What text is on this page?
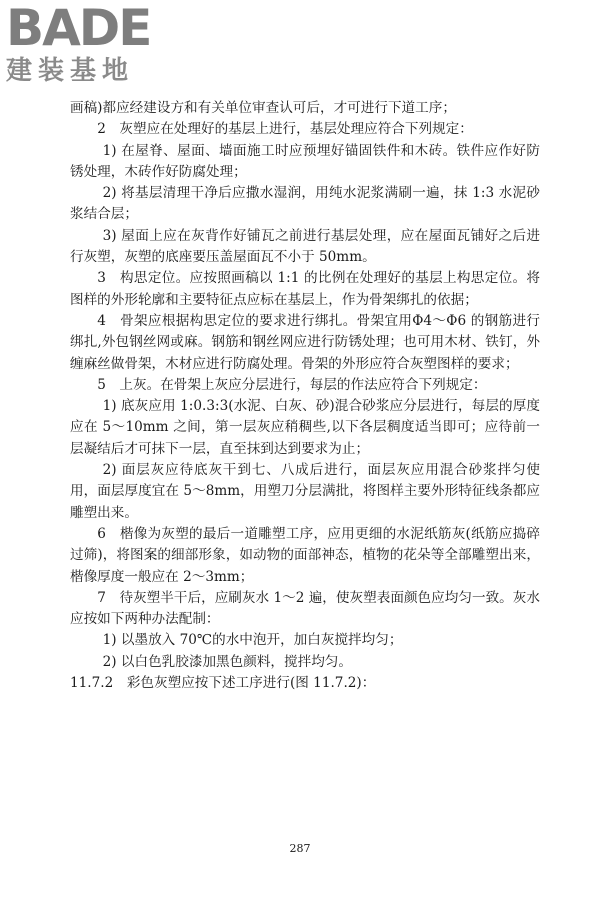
BADE
建装基地

画稿)都应经建设方和有关单位审查认可后，才可进行下道工序；

2　灰塑应在处理好的基层上进行，基层处理应符合下列规定：

1) 在屋脊、屋面、墙面施工时应预埋好锚固铁件和木砖。铁件应作好防锈处理，木砖作好防腐处理；

2) 将基层清理干净后应撒水湿润，用纯水泥浆满刷一遍，抹 1:3 水泥砂浆结合层；

3) 屋面上应在灰背作好铺瓦之前进行基层处理，应在屋面瓦铺好之后进行灰塑，灰塑的底座要压盖屋面瓦不小于 50mm。

3　构思定位。应按照画稿以 1:1 的比例在处理好的基层上构思定位。将图样的外形轮廓和主要特征点应标在基层上，作为骨架绑扎的依据；

4　骨架应根据构思定位的要求进行绑扎。骨架宜用Φ4～Φ6 的钢筋进行绑扎,外包钢丝网或麻。钢筋和钢丝网应进行防锈处理；也可用木材、铁钉，外缠麻丝做骨架，木材应进行防腐处理。骨架的外形应符合灰塑图样的要求；

5　上灰。在骨架上灰应分层进行，每层的作法应符合下列规定：

1) 底灰应用 1:0.3:3(水泥、白灰、砂)混合砂浆应分层进行，每层的厚度应在 5～10mm 之间，第一层灰应稍稠些,以下各层稠度适当即可；应待前一层凝结后才可抹下一层，直至抹到达到要求为止；

2) 面层灰应待底灰干到七、八成后进行，面层灰应用混合砂浆拌匀使用，面层厚度宜在 5～8mm，用塑刀分层满批，将图样主要外形特征线条都应雕塑出来。

6　楷像为灰塑的最后一道雕塑工序，应用更细的水泥纸筋灰(纸筋应捣碎过筛)，将图案的细部形象，如动物的面部神态，植物的花朵等全部雕塑出来，楷像厚度一般应在 2～3mm；

7　待灰塑半干后，应刷灰水 1～2 遍，使灰塑表面颜色应均匀一致。灰水应按如下两种办法配制：

1) 以墨放入 70℃的水中泡开，加白灰搅拌均匀；

2) 以白色乳胶漆加黑色颜料，搅拌均匀。

11.7.2　彩色灰塑应按下述工序进行(图 11.7.2)：

287
